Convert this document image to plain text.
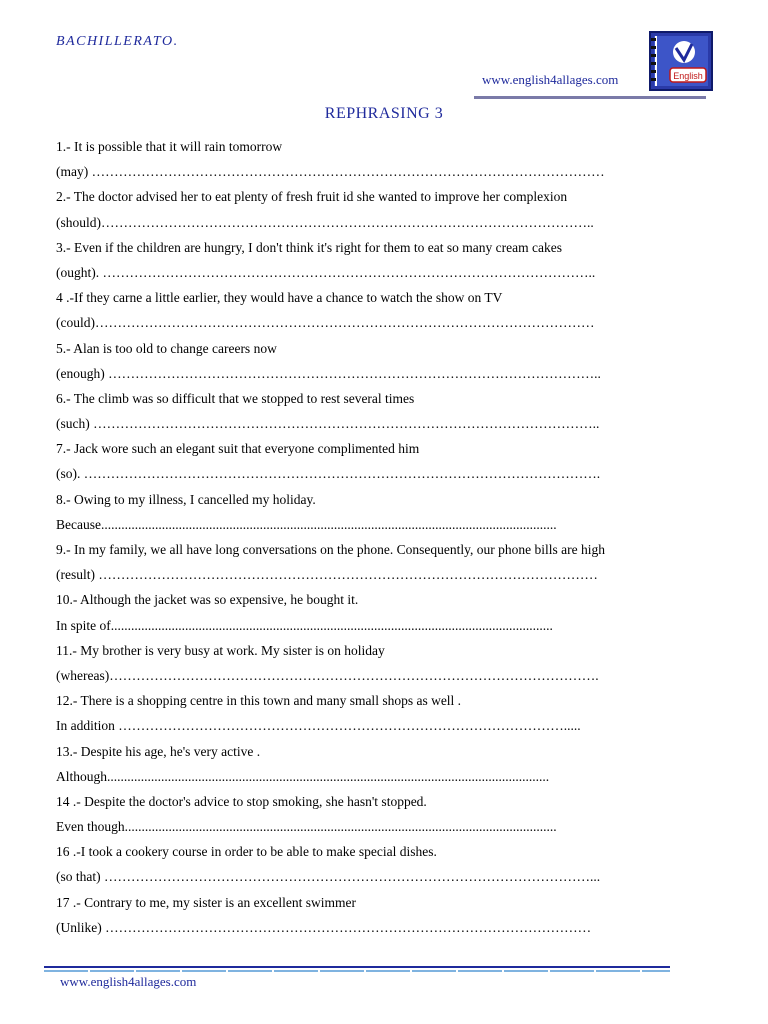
BACHILLERATO.
English
www.english4allages.com
REPHRASING 3
1.- It is possible that it will rain tomorrow
(may) ……………………………………………………………………………………………………
2.- The doctor advised her to eat plenty of fresh fruit id she wanted to improve her complexion
(should)………………………………………………………………………………………………..
3.- Even if the children are hungry, I don't think it's right for them to eat so many cream cakes
(ought). ………………………………………………………………………………………………..
4 .-If they carne a little earlier, they would have a chance to watch the show on TV
(could)…………………………………………………………………………………………………
5.- Alan is too old to change careers now
(enough) ………………………………………………………………………………………………..
6.- The climb was so difficult that we stopped to rest several times
(such) …………………………………………………………………………………………………..
7.- Jack wore such an elegant suit that everyone complimented him
(so). …………………………………………………………………………………………………….
8.- Owing to my illness, I cancelled my holiday.
Because.......................................................................................................................................
9.- In my family, we all have long conversations on the phone. Consequently, our phone bills are high
(result) …………………………………………………………………………………………………
10.- Although the jacket was so expensive, he bought it.
In spite of...................................................................................................................................
11.- My brother is very busy at work. My sister is on holiday
(whereas)……………………………………………………………………………………………….
12.- There is a shopping centre in this town and many small shops as well .
In addition ……………………………………………………………………………………….....
13.- Despite his age, he's very active .
Although...................................................................................................................................
14 .- Despite the doctor's advice to stop smoking, she hasn't stopped.
Even though................................................................................................................................
16 .-I took a cookery course in order to be able to make special dishes.
(so that) ………………………………………………………………………………………………...
17 .- Contrary to me, my sister is an excellent swimmer
(Unlike) ………………………………………………………………………………………………
www.english4allages.com
